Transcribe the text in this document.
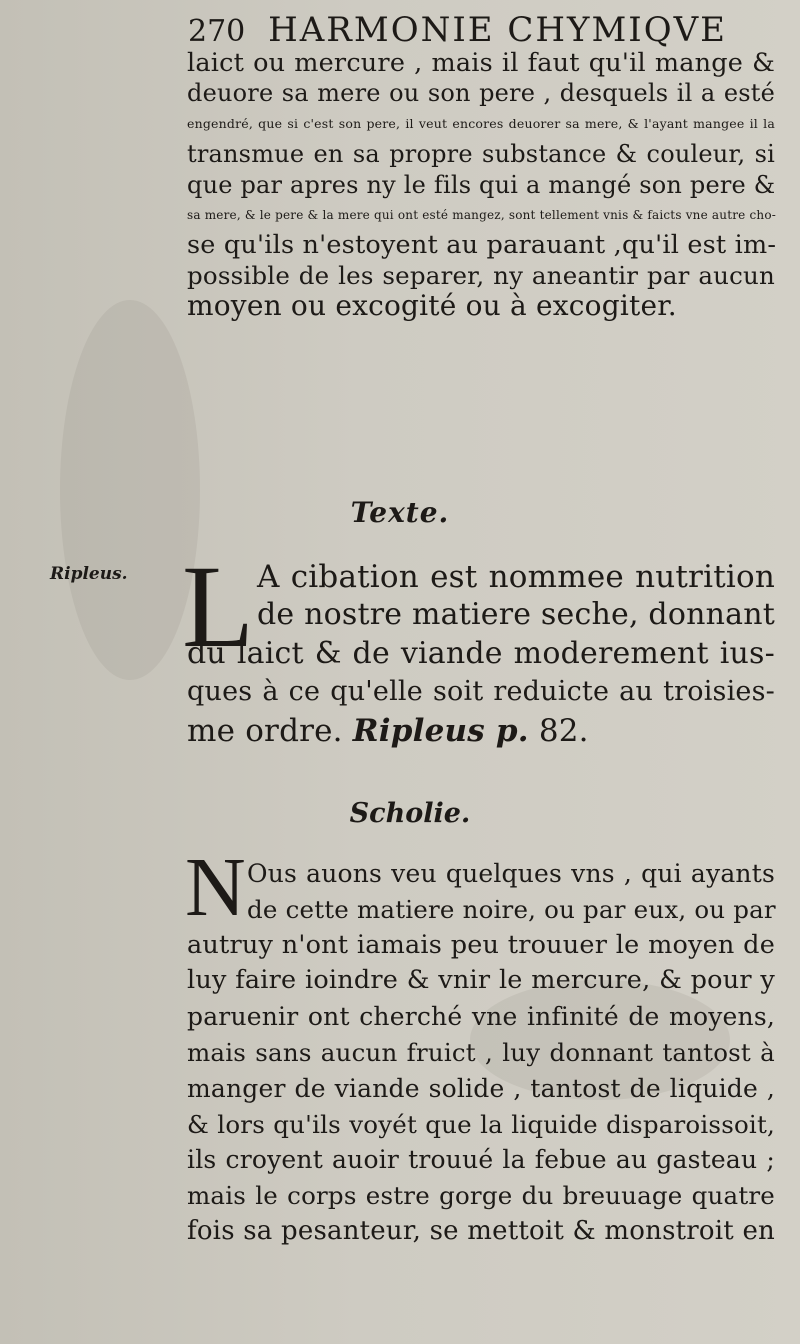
270 HARMONIE CHYMIQVE
laict ou mercure , mais il faut qu'il mange &
deuore sa mere ou son pere , desquels il a esté
engendré, que si c'est son pere, il veut encores deuorer sa mere, & l'ayant mangee il la
transmue en sa propre substance & couleur, si
que par apres ny le fils qui a mangé son pere &
sa mere, & le pere & la mere qui ont esté mangez, sont tellement vnis & faicts vne autre cho-
se qu'ils n'estoyent au parauant ,qu'il est im-
possible de les separer, ny aneantir par aucun
moyen ou excogité ou à excogiter.
Texte.
Ripleus. L A cibation est nommee nutrition
de nostre matiere seche, donnant
du laict & de viande moderement ius-
ques à ce qu'elle soit reduicte au troisies-
me ordre. Ripleus p. 82.
Scholie.
N Ous auons veu quelques vns , qui ayants
de cette matiere noire, ou par eux, ou par
autruy n'ont iamais peu trouuer le moyen de
luy faire ioindre & vnir le mercure, & pour y
paruenir ont cherché vne infinité de moyens,
mais sans aucun fruict , luy donnant tantost à
manger de viande solide , tantost de liquide ,
& lors qu'ils voyét que la liquide disparoissoit,
ils croyent auoir trouué la febue au gasteau ;
mais le corps estre gorge du breuuage quatre
fois sa pesanteur, se mettoit & monstroit en
